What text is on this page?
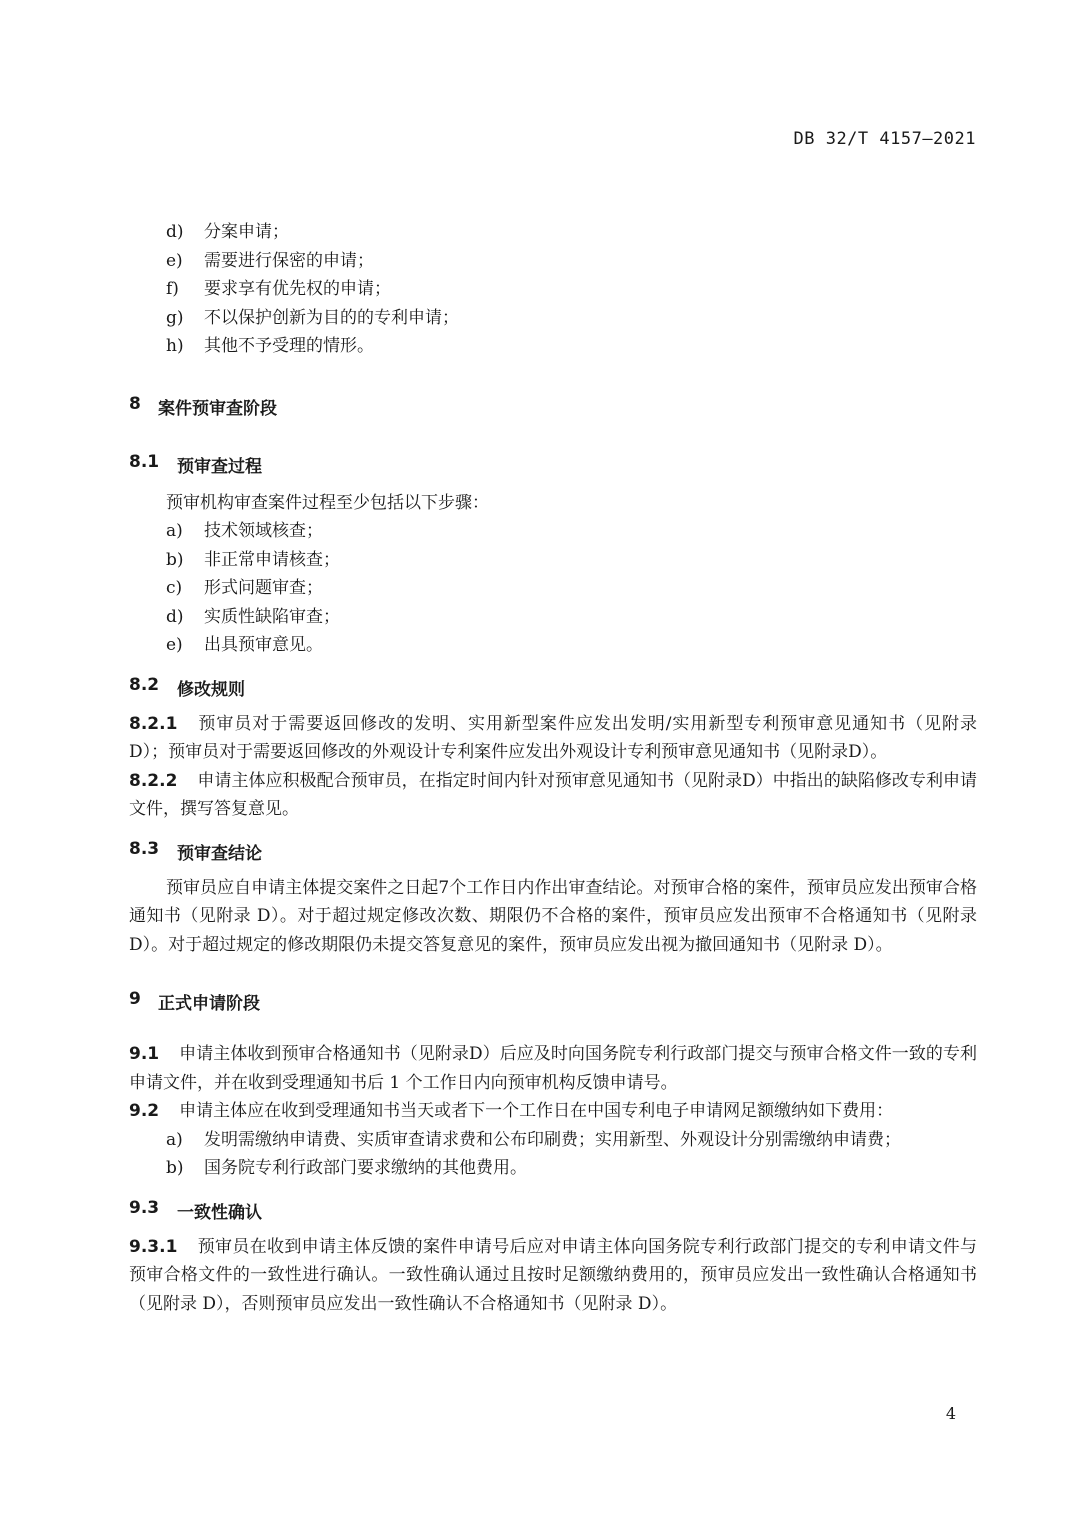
DB 32/T 4157—2021
d)	分案申请；
e)	需要进行保密的申请；
f)	要求享有优先权的申请；
g)	不以保护创新为目的的专利申请；
h)	其他不予受理的情形。
8	案件预审查阶段
8.1	预审查过程
预审机构审查案件过程至少包括以下步骤：
a)	技术领域核查；
b)	非正常申请核查；
c)	形式问题审查；
d)	实质性缺陷审查；
e)	出具预审意见。
8.2	修改规则
8.2.1 预审员对于需要返回修改的发明、实用新型案件应发出发明/实用新型专利预审意见通知书（见附录 D）；预审员对于需要返回修改的外观设计专利案件应发出外观设计专利预审意见通知书（见附录D）。
8.2.2 申请主体应积极配合预审员，在指定时间内针对预审意见通知书（见附录D）中指出的缺陷修改专利申请文件，撰写答复意见。
8.3	预审查结论
预审员应自申请主体提交案件之日起7个工作日内作出审查结论。对预审合格的案件，预审员应发出预审合格通知书（见附录 D）。对于超过规定修改次数、期限仍不合格的案件，预审员应发出预审不合格通知书（见附录 D）。对于超过规定的修改期限仍未提交答复意见的案件，预审员应发出视为撤回通知书（见附录 D）。
9	正式申请阶段
9.1 申请主体收到预审合格通知书（见附录D）后应及时向国务院专利行政部门提交与预审合格文件一致的专利申请文件，并在收到受理通知书后 1 个工作日内向预审机构反馈申请号。
9.2 申请主体应在收到受理通知书当天或者下一个工作日在中国专利电子申请网足额缴纳如下费用：
a)	发明需缴纳申请费、实质审查请求费和公布印刷费；实用新型、外观设计分别需缴纳申请费；
b)	国务院专利行政部门要求缴纳的其他费用。
9.3	一致性确认
9.3.1 预审员在收到申请主体反馈的案件申请号后应对申请主体向国务院专利行政部门提交的专利申请文件与预审合格文件的一致性进行确认。一致性确认通过且按时足额缴纳费用的，预审员应发出一致性确认合格通知书（见附录 D），否则预审员应发出一致性确认不合格通知书（见附录 D）。
4
